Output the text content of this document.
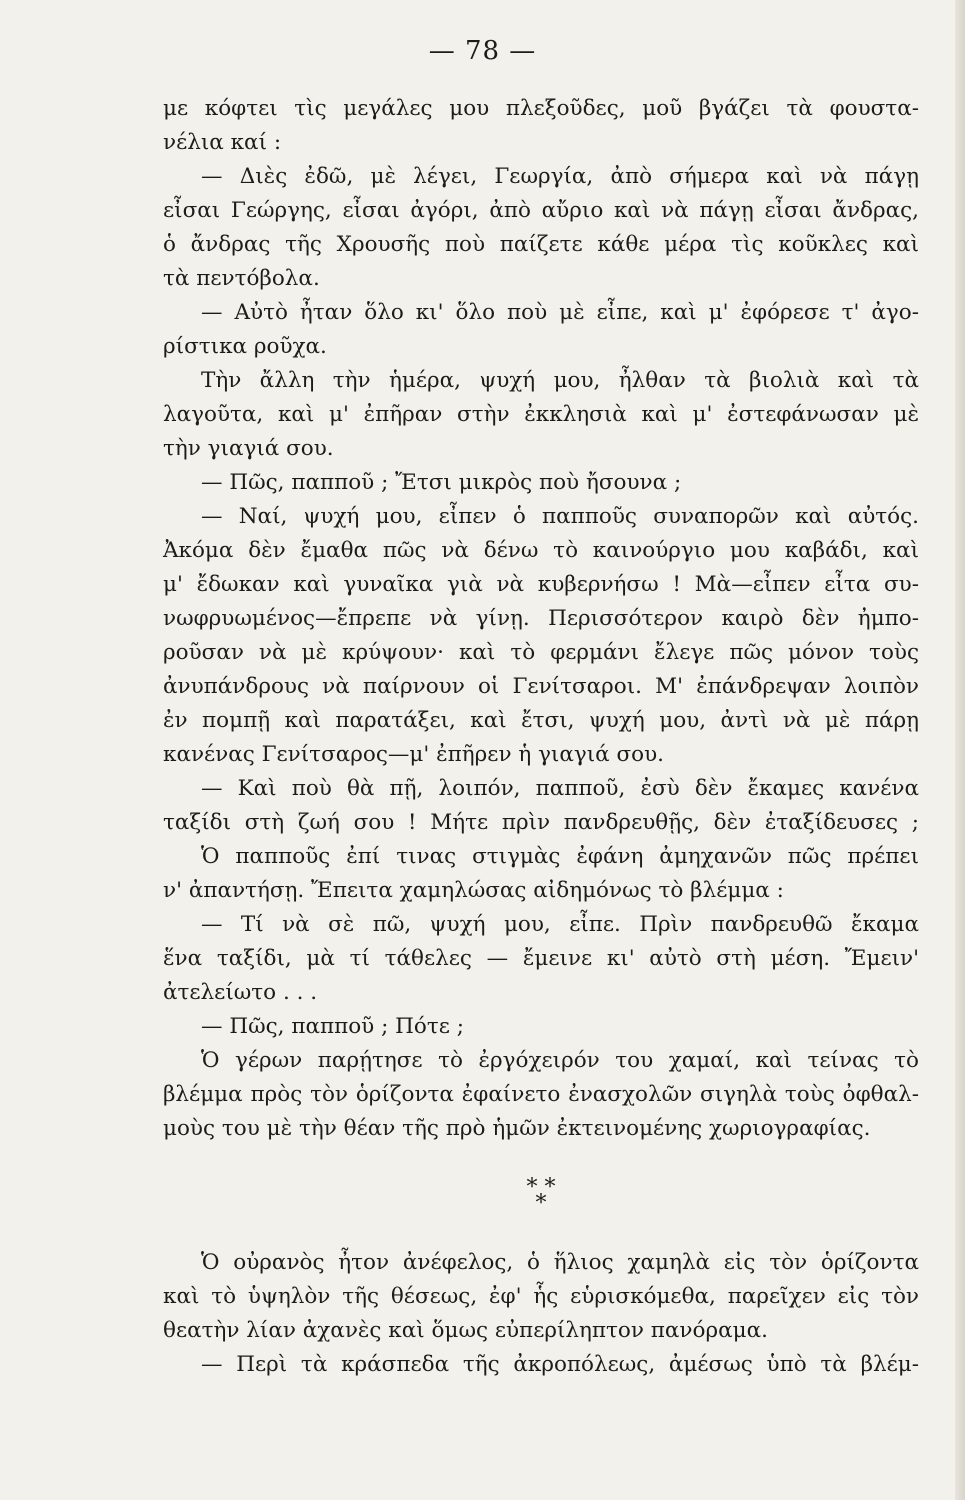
— 78 —
με κόφτει τὶς μεγάλες μου πλεξοῦδες, μοῦ βγάζει τὰ φουστα-
νέλια καί :
— Διὲς ἐδῶ, μὲ λέγει, Γεωργία, ἀπὸ σήμερα καὶ νὰ πάγῃ
εἶσαι Γεώργης, εἶσαι ἀγόρι, ἀπὸ αὔριο καὶ νὰ πάγῃ εἶσαι ἄνδρας,
ὁ ἄνδρας τῆς Χρουσῆς ποὺ παίζετε κάθε μέρα τὶς κοῦκλες καὶ
τὰ πεντόβολα.
— Αὐτὸ ἦταν ὅλο κι' ὅλο ποὺ μὲ εἶπε, καὶ μ' ἐφόρεσε τ' ἀγο-
ρίστικα ροῦχα.
Τὴν ἄλλη τὴν ἡμέρα, ψυχή μου, ἦλθαν τὰ βιολιὰ καὶ τὰ
λαγοῦτα, καὶ μ' ἐπῆραν στὴν ἐκκλησιὰ καὶ μ' ἐστεφάνωσαν μὲ
τὴν γιαγιά σου.
— Πῶς, παπποῦ ; Ἔτσι μικρὸς ποὺ ἤσουνα ;
— Ναί, ψυχή μου, εἶπεν ὁ παπποῦς συναπορῶν καὶ αὐτός.
Ἀκόμα δὲν ἔμαθα πῶς νὰ δένω τὸ καινούργιο μου καβάδι, καὶ
μ' ἔδωκαν καὶ γυναῖκα γιὰ νὰ κυβερνήσω ! Μὰ—εἶπεν εἶτα συ-
νωφρυωμένος—ἔπρεπε νὰ γίνῃ. Περισσότερον καιρὸ δὲν ἠμπο-
ροῦσαν νὰ μὲ κρύψουν· καὶ τὸ φερμάνι ἔλεγε πῶς μόνον τοὺς
ἀνυπάνδρους νὰ παίρνουν οἱ Γενίτσαροι. Μ' ἐπάνδρεψαν λοιπὸν
ἐν πομπῇ καὶ παρατάξει, καὶ ἔτσι, ψυχή μου, ἀντὶ νὰ μὲ πάρῃ
κανένας Γενίτσαρος—μ' ἐπῆρεν ἡ γιαγιά σου.
— Καὶ ποὺ θὰ πῇ, λοιπόν, παπποῦ, ἐσὺ δὲν ἔκαμες κανένα
ταξίδι στὴ ζωή σου ! Μήτε πρὶν πανδρευθῇς, δὲν ἐταξίδευσες ;
Ὁ παπποῦς ἐπί τινας στιγμὰς ἐφάνη ἀμηχανῶν πῶς πρέπει
ν' ἀπαντήσῃ. Ἔπειτα χαμηλώσας αἰδημόνως τὸ βλέμμα :
— Τί νὰ σὲ πῶ, ψυχή μου, εἶπε. Πρὶν πανδρευθῶ ἔκαμα
ἕνα ταξίδι, μὰ τί τάθελες — ἔμεινε κι' αὐτὸ στὴ μέση. Ἔμειν'
ἀτελείωτο . . .
— Πῶς, παπποῦ ; Πότε ;
Ὁ γέρων παρῄτησε τὸ ἐργόχειρόν του χαμαί, καὶ τείνας τὸ
βλέμμα πρὸς τὸν ὁρίζοντα ἐφαίνετο ἐνασχολῶν σιγηλὰ τοὺς ὀφθαλ-
μοὺς του μὲ τὴν θέαν τῆς πρὸ ἡμῶν ἐκτεινομένης χωριογραφίας.
* *
*
Ὁ οὐρανὸς ἦτον ἀνέφελος, ὁ ἥλιος χαμηλὰ εἰς τὸν ὁρίζοντα
καὶ τὸ ὑψηλὸν τῆς θέσεως, ἐφ' ἧς εὑρισκόμεθα, παρεῖχεν εἰς τὸν
θεατὴν λίαν ἀχανὲς καὶ ὅμως εὐπερίληπτον πανόραμα.
— Περὶ τὰ κράσπεδα τῆς ἀκροπόλεως, ἀμέσως ὑπὸ τὰ βλέμ-
